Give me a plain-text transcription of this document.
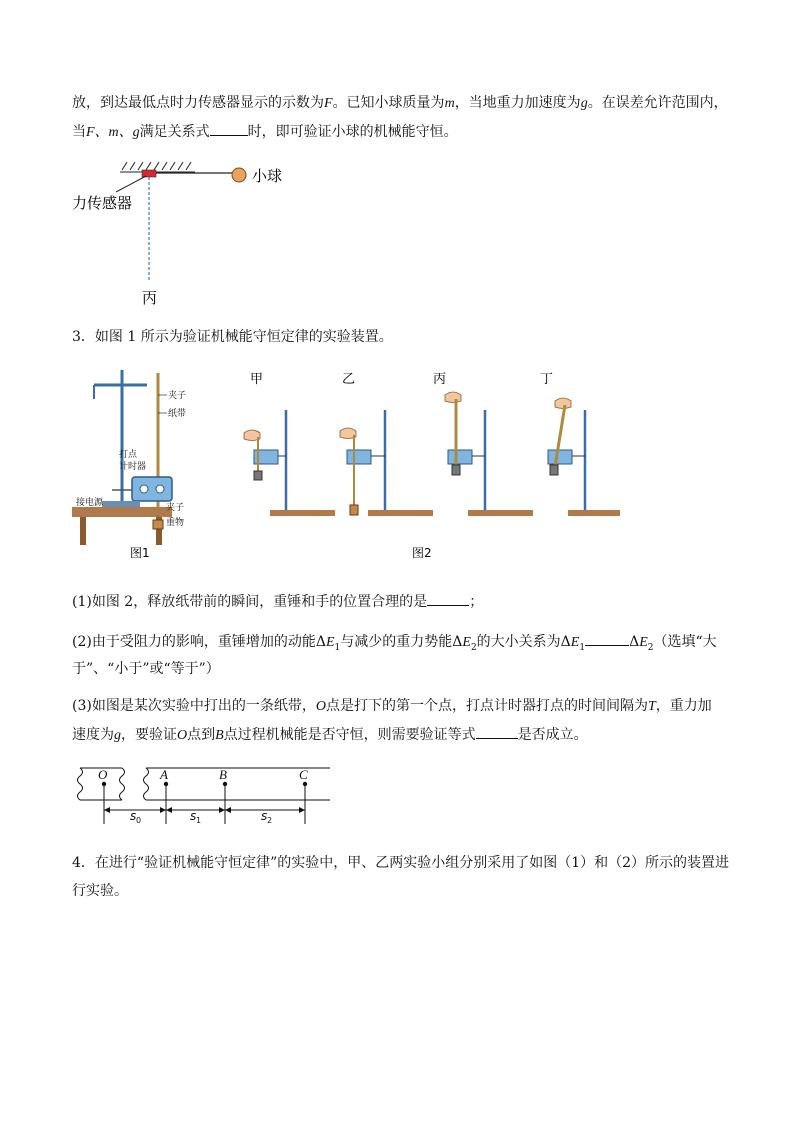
放，到达最低点时力传感器显示的示数为F。已知小球质量为m，当地重力加速度为g。在误差允许范围内，
当F、m、g满足关系式	时，即可验证小球的机械能守恒。
小球
力传感器
丙
3．如图 1 所示为验证机械能守恒定律的实验装置。
夹子
纸带
打点
计时器
接电源	夹子
重物
图1
甲	乙	丙	丁
图2
(1)如图 2，释放纸带前的瞬间，重锤和手的位置合理的是	；
(2)由于受阻力的影响，重锤增加的动能$\Delta E_1$与减少的重力势能$\Delta E_2$的大小关系为$\Delta E_1$	$\Delta E_2$（选填“大
于”、“小于”或“等于”）
(3)如图是某次实验中打出的一条纸带，O点是打下的第一个点，打点计时器打点的时间间隔为T，重力加
速度为g，要验证O点到B点过程机械能是否守恒，则需要验证等式	是否成立。
O	A	B	C
s 0	s 1	s 2
4．在进行“验证机械能守恒定律”的实验中，甲、乙两实验小组分别采用了如图（1）和（2）所示的装置进
行实验。
